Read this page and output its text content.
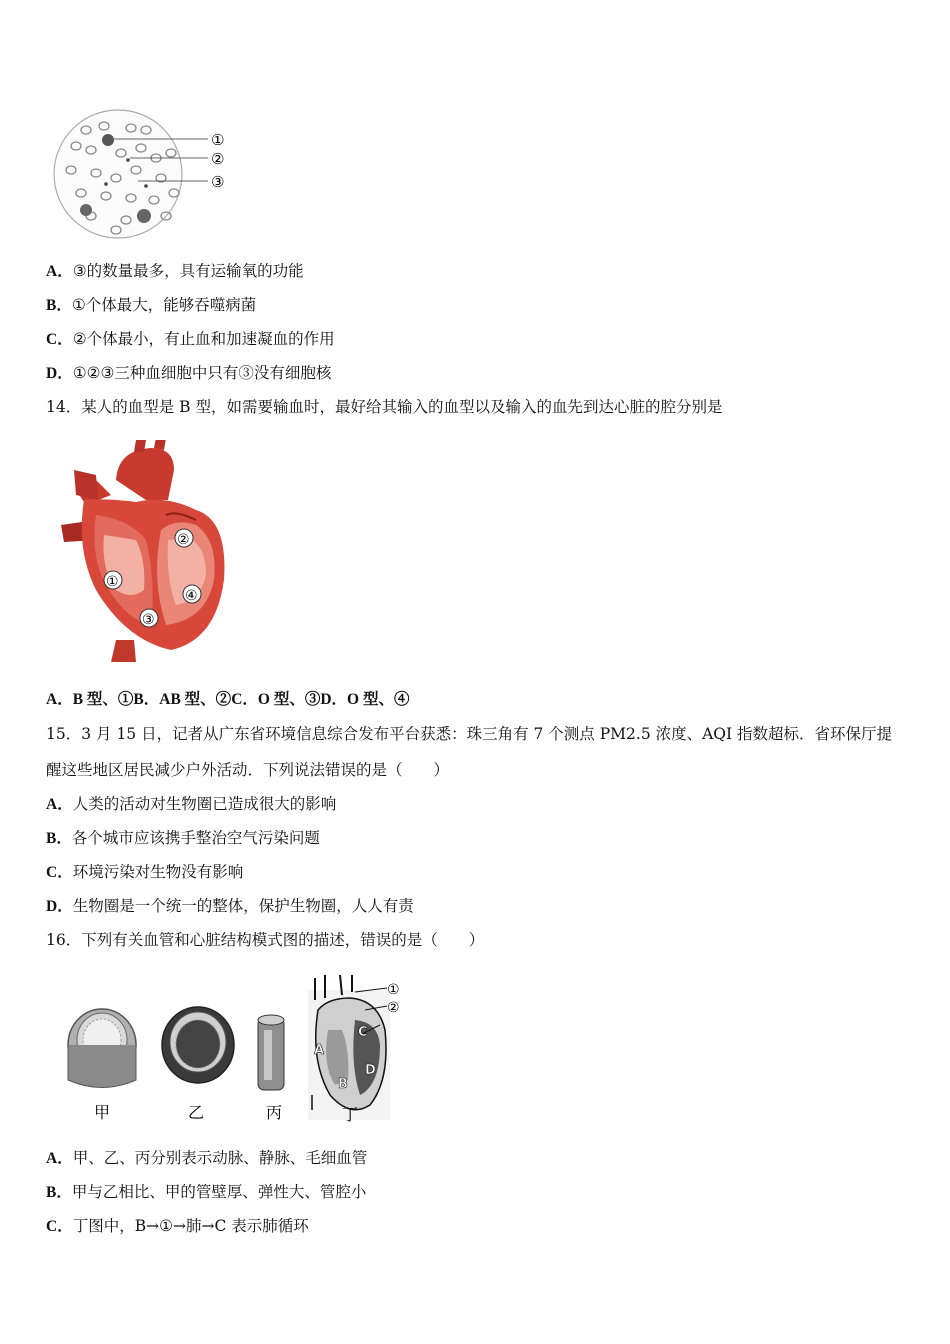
①
②
③
A．③的数量最多，具有运输氧的功能
B．①个体最大，能够吞噬病菌
C．②个体最小，有止血和加速凝血的作用
D．①②③三种血细胞中只有③没有细胞核
14．某人的血型是 B 型，如需要输血时，最好给其输入的血型以及输入的血先到达心脏的腔分别是
②
①
④
③
A．B 型、①B．AB 型、②C．O 型、③D．O 型、④
15．3 月 15 日，记者从广东省环境信息综合发布平台获悉：珠三角有 7 个测点 PM2.5 浓度、AQI 指数超标．省环保厅提
醒这些地区居民减少户外活动．下列说法错误的是（　　）
A．人类的活动对生物圈已造成很大的影响
B．各个城市应该携手整治空气污染问题
C．环境污染对生物没有影响
D．生物圈是一个统一的整体，保护生物圈，人人有责
16．下列有关血管和心脏结构模式图的描述，错误的是（　　）
①
②
A
B
C
D
甲	乙	丙	丁
A．甲、乙、丙分别表示动脉、静脉、毛细血管
B．甲与乙相比、甲的管壁厚、弹性大、管腔小
C．丁图中，B→①→肺→C 表示肺循环
